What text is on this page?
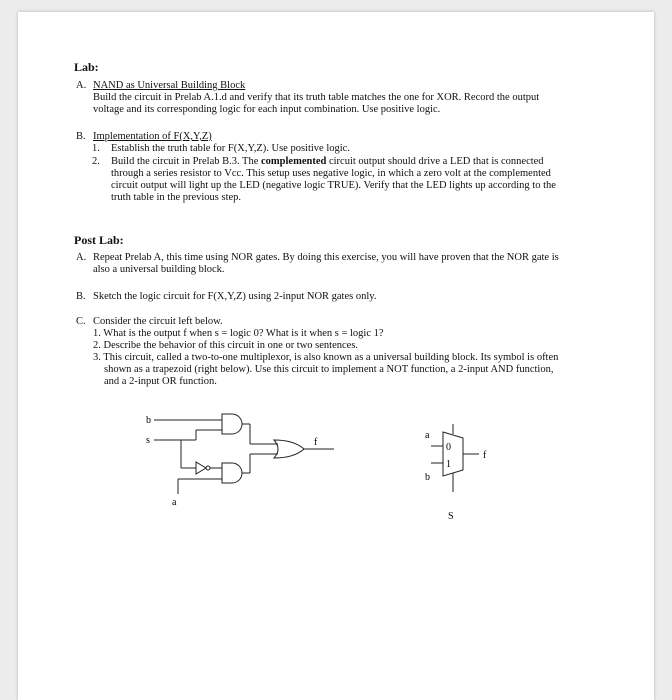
Lab:
A. NAND as Universal Building Block
Build the circuit in Prelab A.1.d and verify that its truth table matches the one for XOR. Record the output
voltage and its corresponding logic for each input combination. Use positive logic.
B. Implementation of F(X,Y,Z)
1. Establish the truth table for F(X,Y,Z). Use positive logic.
2. Build the circuit in Prelab B.3. The complemented circuit output should drive a LED that is connected
through a series resistor to Vcc. This setup uses negative logic, in which a zero volt at the complemented
circuit output will light up the LED (negative logic TRUE). Verify that the LED lights up according to the
truth table in the previous step.
Post Lab:
A. Repeat Prelab A, this time using NOR gates. By doing this exercise, you will have proven that the NOR gate is
also a universal building block.
B. Sketch the logic circuit for F(X,Y,Z) using 2-input NOR gates only.
C. Consider the circuit left below.
1. What is the output f when s = logic 0? What is it when s = logic 1?
2. Describe the behavior of this circuit in one or two sentences.
3. This circuit, called a two-to-one multiplexor, is also known as a universal building block. Its symbol is often
shown as a trapezoid (right below). Use this circuit to implement a NOT function, a 2-input AND function,
and a 2-input OR function.
b
s
a
f
a
b
0
1
f
S
